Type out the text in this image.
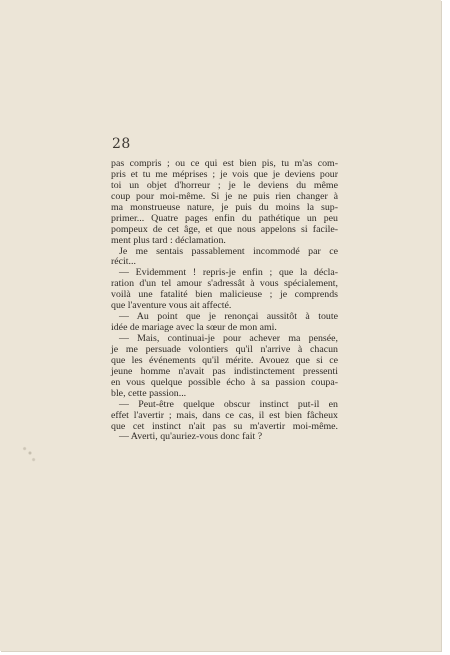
28
pas compris ; ou ce qui est bien pis, tu m'as com-
pris et tu me méprises ; je vois que je deviens pour
toi un objet d'horreur ; je le deviens du même
coup pour moi-même. Si je ne puis rien changer à
ma monstrueuse nature, je puis du moins la sup-
primer... Quatre pages enfin du pathétique un peu
pompeux de cet âge, et que nous appelons si facile-
ment plus tard : déclamation.
Je me sentais passablement incommodé par ce
récit...
— Evidemment ! repris-je enfin ; que la décla-
ration d'un tel amour s'adressât à vous spécialement,
voilà une fatalité bien malicieuse ; je comprends
que l'aventure vous ait affecté.
— Au point que je renonçai aussitôt à toute
idée de mariage avec la sœur de mon ami.
— Mais, continuai-je pour achever ma pensée,
je me persuade volontiers qu'il n'arrive à chacun
que les événements qu'il mérite. Avouez que si ce
jeune homme n'avait pas indistinctement pressenti
en vous quelque possible écho à sa passion coupa-
ble, cette passion...
— Peut-être quelque obscur instinct put-il en
effet l'avertir ; mais, dans ce cas, il est bien fâcheux
que cet instinct n'ait pas su m'avertir moi-même.
— Averti, qu'auriez-vous donc fait ?
